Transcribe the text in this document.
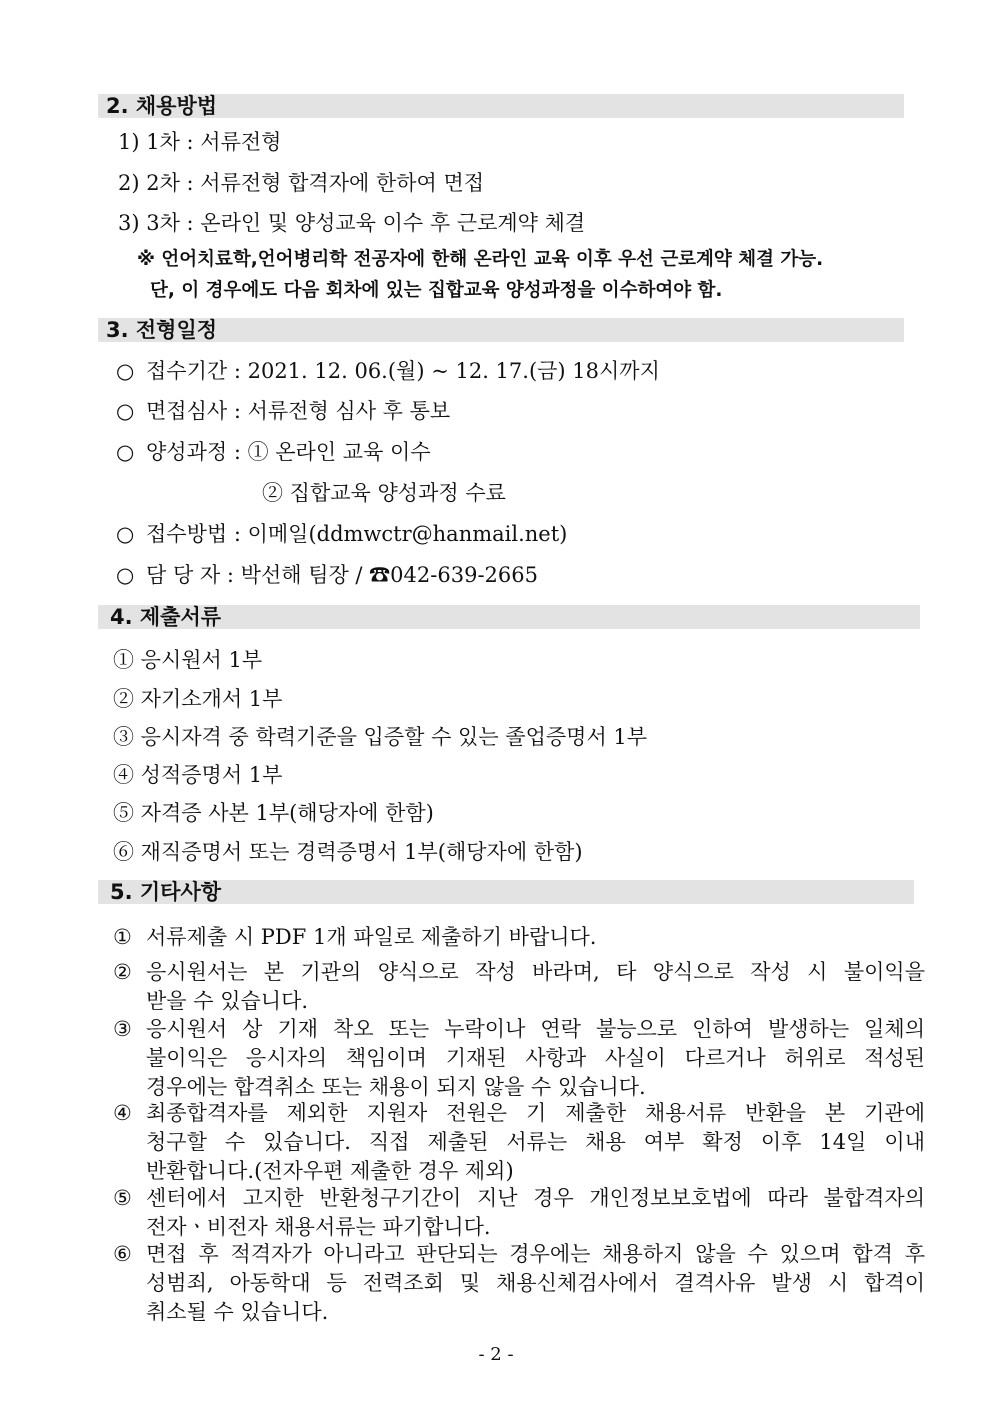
2. 채용방법
1) 1차 : 서류전형
2) 2차 : 서류전형 합격자에 한하여 면접
3) 3차 : 온라인 및 양성교육 이수 후 근로계약 체결
※ 언어치료학,언어병리학 전공자에 한해 온라인 교육 이후 우선 근로계약 체결 가능.
단, 이 경우에도 다음 회차에 있는 집합교육 양성과정을 이수하여야 함.
3. 전형일정
○ 접수기간 : 2021. 12. 06.(월) ~ 12. 17.(금) 18시까지
○ 면접심사 : 서류전형 심사 후 통보
○ 양성과정 : ① 온라인 교육 이수
② 집합교육 양성과정 수료
○ 접수방법 : 이메일(ddmwctr@hanmail.net)
○ 담 당 자 : 박선해 팀장 / ☎042-639-2665
4. 제출서류
① 응시원서 1부
② 자기소개서 1부
③ 응시자격 중 학력기준을 입증할 수 있는 졸업증명서 1부
④ 성적증명서 1부
⑤ 자격증 사본 1부(해당자에 한함)
⑥ 재직증명서 또는 경력증명서 1부(해당자에 한함)
5. 기타사항
① 서류제출 시 PDF 1개 파일로 제출하기 바랍니다.
② 응시원서는 본 기관의 양식으로 작성 바라며, 타 양식으로 작성 시 불이익을
받을 수 있습니다.
③ 응시원서 상 기재 착오 또는 누락이나 연락 불능으로 인하여 발생하는 일체의
불이익은 응시자의 책임이며 기재된 사항과 사실이 다르거나 허위로 적성된
경우에는 합격취소 또는 채용이 되지 않을 수 있습니다.
④ 최종합격자를 제외한 지원자 전원은 기 제출한 채용서류 반환을 본 기관에
청구할 수 있습니다. 직접 제출된 서류는 채용 여부 확정 이후 14일 이내
반환합니다.(전자우편 제출한 경우 제외)
⑤ 센터에서 고지한 반환청구기간이 지난 경우 개인정보보호법에 따라 불합격자의
전자ㆍ비전자 채용서류는 파기합니다.
⑥ 면접 후 적격자가 아니라고 판단되는 경우에는 채용하지 않을 수 있으며 합격 후
성범죄, 아동학대 등 전력조회 및 채용신체검사에서 결격사유 발생 시 합격이
취소될 수 있습니다.
- 2 -
